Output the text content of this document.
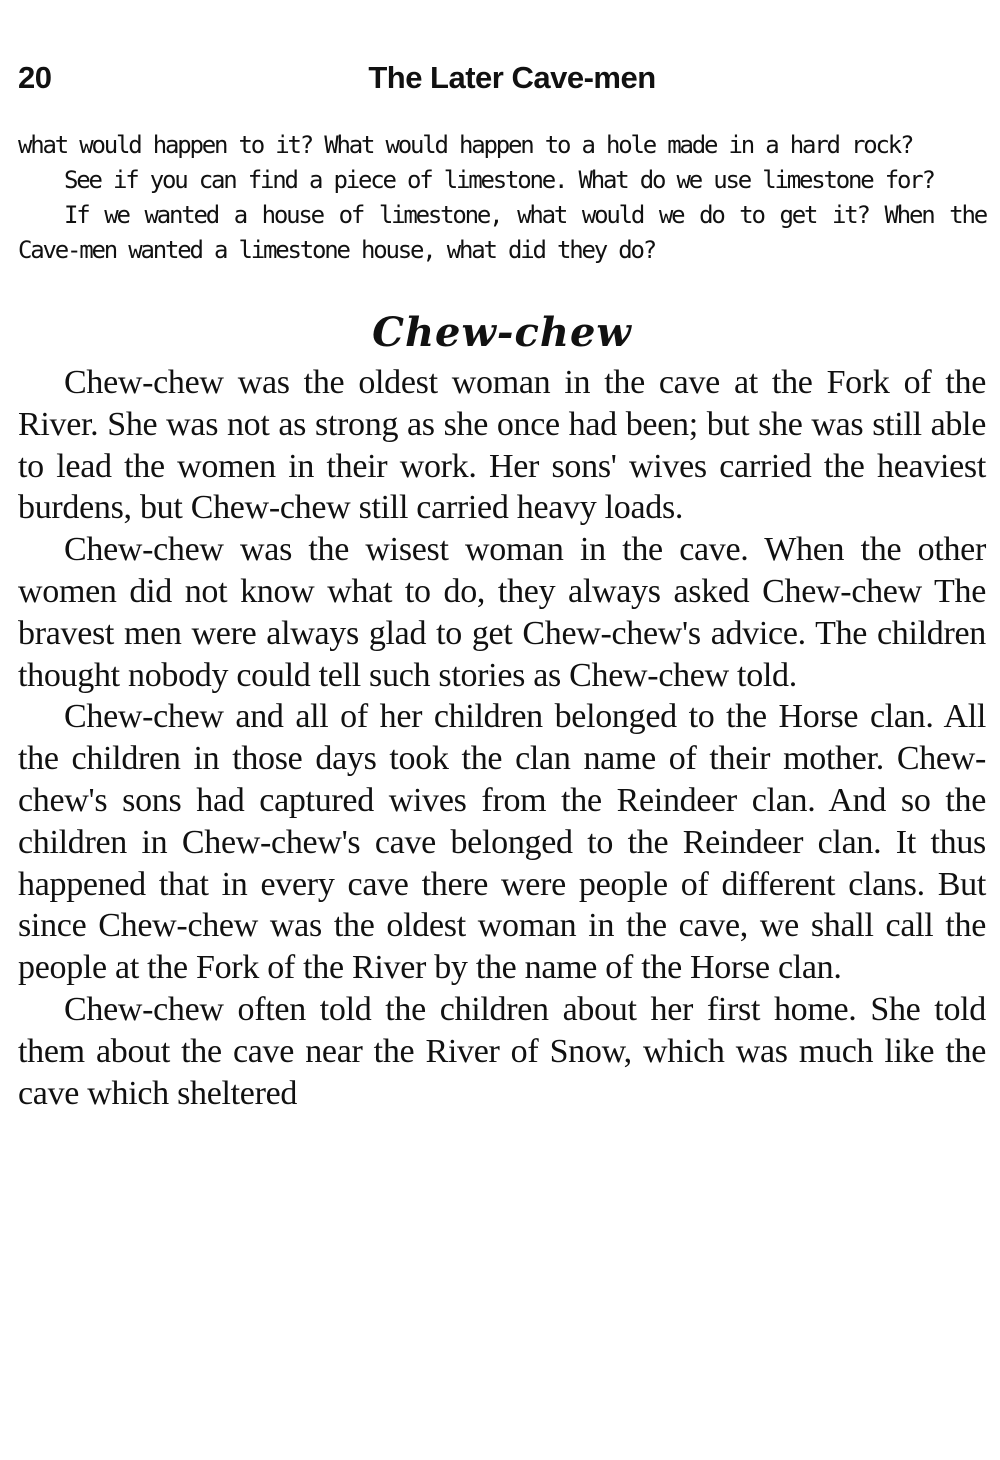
20	The Later Cave-men

what would happen to it? What would happen to a hole made in a hard rock?

See if you can find a piece of limestone. What do we use limestone for?

If we wanted a house of limestone, what would we do to get it? When the Cave-men wanted a limestone house, what did they do?

Chew-chew

Chew-chew was the oldest woman in the cave at the Fork of the River. She was not as strong as she once had been; but she was still able to lead the women in their work. Her sons' wives carried the heaviest burdens, but Chew-chew still carried heavy loads.

Chew-chew was the wisest woman in the cave. When the other women did not know what to do, they always asked Chew-chew The bravest men were always glad to get Chew-chew's advice. The children thought nobody could tell such stories as Chew-chew told.

Chew-chew and all of her children belonged to the Horse clan. All the children in those days took the clan name of their mother. Chew-chew's sons had captured wives from the Reindeer clan. And so the children in Chew-chew's cave belonged to the Reindeer clan. It thus happened that in every cave there were people of different clans. But since Chew-chew was the oldest woman in the cave, we shall call the people at the Fork of the River by the name of the Horse clan.

Chew-chew often told the children about her first home. She told them about the cave near the River of Snow, which was much like the cave which sheltered
